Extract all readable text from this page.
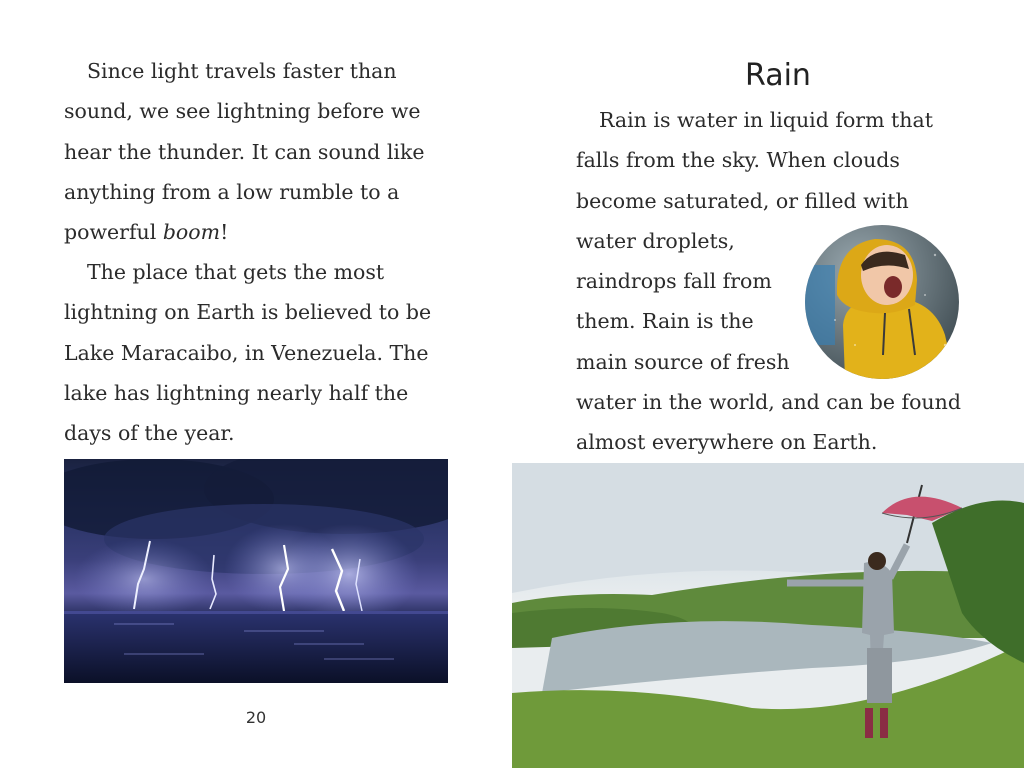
Since light travels faster than
sound, we see lightning before we
hear the thunder. It can sound like
anything from a low rumble to a
powerful boom!

The place that gets the most
lightning on Earth is believed to be
Lake Maracaibo, in Venezuela. The
lake has lightning nearly half the
days of the year.

20
Rain

Rain is water in liquid form that
falls from the sky. When clouds
become saturated, or filled with
water droplets,
raindrops fall from
them. Rain is the
main source of fresh
water in the world, and can be found
almost everywhere on Earth.
